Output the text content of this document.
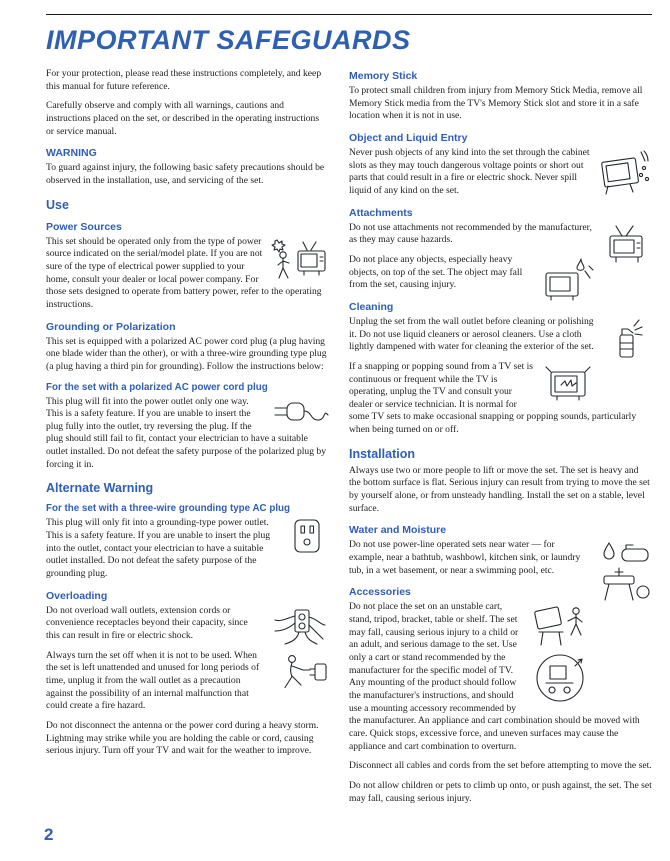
IMPORTANT SAFEGUARDS

For your protection, please read these instructions completely, and keep this manual for future reference.

Carefully observe and comply with all warnings, cautions and instructions placed on the set, or described in the operating instructions or service manual.

WARNING

To guard against injury, the following basic safety precautions should be observed in the installation, use, and servicing of the set.

Use
Power Sources

This set should be operated only from the type of power source indicated on the serial/model plate. If you are not sure of the type of electrical power supplied to your home, consult your dealer or local power company. For those sets designed to operate from battery power, refer to the operating instructions.

Grounding or Polarization

This set is equipped with a polarized AC power cord plug (a plug having one blade wider than the other), or with a three-wire grounding type plug (a plug having a third pin for grounding). Follow the instructions below:

For the set with a polarized AC power cord plug

This plug will fit into the power outlet only one way. This is a safety feature. If you are unable to insert the plug fully into the outlet, try reversing the plug. If the plug should still fail to fit, contact your electrician to have a suitable outlet installed. Do not defeat the safety purpose of the polarized plug by forcing it in.

Alternate Warning
For the set with a three-wire grounding type AC plug

This plug will only fit into a grounding-type power outlet. This is a safety feature. If you are unable to insert the plug into the outlet, contact your electrician to have a suitable outlet installed. Do not defeat the safety purpose of the grounding plug.

Overloading

Do not overload wall outlets, extension cords or convenience receptacles beyond their capacity, since this can result in fire or electric shock.

Always turn the set off when it is not to be used. When the set is left unattended and unused for long periods of time, unplug it from the wall outlet as a precaution against the possibility of an internal malfunction that could create a fire hazard.

Do not disconnect the antenna or the power cord during a heavy storm. Lightning may strike while you are holding the cable or cord, causing serious injury. Turn off your TV and wait for the weather to improve.

Memory Stick

To protect small children from injury from Memory Stick Media, remove all Memory Stick media from the TV's Memory Stick slot and store it in a safe location when it is not in use.

Object and Liquid Entry

Never push objects of any kind into the set through the cabinet slots as they may touch dangerous voltage points or short out parts that could result in a fire or electric shock. Never spill liquid of any kind on the set.

Attachments

Do not use attachments not recommended by the manufacturer, as they may cause hazards.

Do not place any objects, especially heavy objects, on top of the set. The object may fall from the set, causing injury.

Cleaning

Unplug the set from the wall outlet before cleaning or polishing it. Do not use liquid cleaners or aerosol cleaners. Use a cloth lightly dampened with water for cleaning the exterior of the set.

If a snapping or popping sound from a TV set is continuous or frequent while the TV is operating, unplug the TV and consult your dealer or service technician. It is normal for some TV sets to make occasional snapping or popping sounds, particularly when being turned on or off.

Installation

Always use two or more people to lift or move the set. The set is heavy and the bottom surface is flat. Serious injury can result from trying to move the set by yourself alone, or from unsteady handling. Install the set on a stable, level surface.

Water and Moisture

Do not use power-line operated sets near water — for example, near a bathtub, washbowl, kitchen sink, or laundry tub, in a wet basement, or near a swimming pool, etc.

Accessories

Do not place the set on an unstable cart, stand, tripod, bracket, table or shelf. The set may fall, causing serious injury to a child or an adult, and serious damage to the set. Use only a cart or stand recommended by the manufacturer for the specific model of TV. Any mounting of the product should follow the manufacturer's instructions, and should use a mounting accessory recommended by the manufacturer. An appliance and cart combination should be moved with care. Quick stops, excessive force, and uneven surfaces may cause the appliance and cart combination to overturn.

Disconnect all cables and cords from the set before attempting to move the set.

Do not allow children or pets to climb up onto, or push against, the set. The set may fall, causing serious injury.

2
